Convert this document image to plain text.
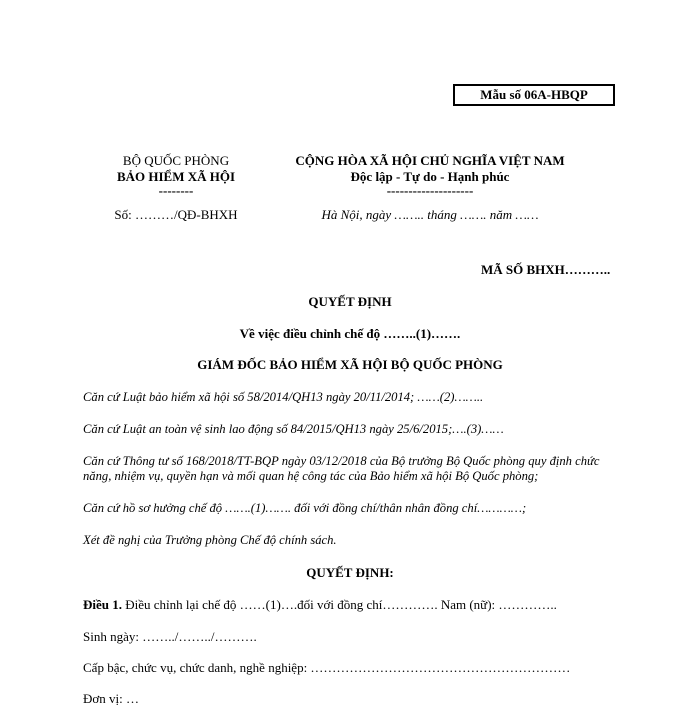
Mẫu số 06A-HBQP
BỘ QUỐC PHÒNG
BẢO HIỂM XÃ HỘI
--------
Số: ………/QĐ-BHXH
CỘNG HÒA XÃ HỘI CHỦ NGHĨA VIỆT NAM
Độc lập - Tự do - Hạnh phúc
--------------------
Hà Nội, ngày …….. tháng ……. năm ……
MÃ SỐ BHXH………..
QUYẾT ĐỊNH
Về việc điều chỉnh chế độ ……..(1)…….
GIÁM ĐỐC BẢO HIỂM XÃ HỘI BỘ QUỐC PHÒNG
Căn cứ Luật bảo hiểm xã hội số 58/2014/QH13 ngày 20/11/2014; ……(2)……..
Căn cứ Luật an toàn vệ sinh lao động số 84/2015/QH13 ngày 25/6/2015;….(3)……
Căn cứ Thông tư số 168/2018/TT-BQP ngày 03/12/2018 của Bộ trưởng Bộ Quốc phòng quy định chức năng, nhiệm vụ, quyền hạn và mối quan hệ công tác của Bảo hiểm xã hội Bộ Quốc phòng;
Căn cứ hồ sơ hưởng chế độ …….(1)……. đối với đồng chí/thân nhân đồng chí…………;
Xét đề nghị của Trưởng phòng Chế độ chính sách.
QUYẾT ĐỊNH:
Điều 1. Điều chỉnh lại chế độ ……(1)….đối với đồng chí…………. Nam (nữ): …………..
Sinh ngày: ……../……../……….
Cấp bậc, chức vụ, chức danh, nghề nghiệp: ……………………………………………………
Đơn vị: …
